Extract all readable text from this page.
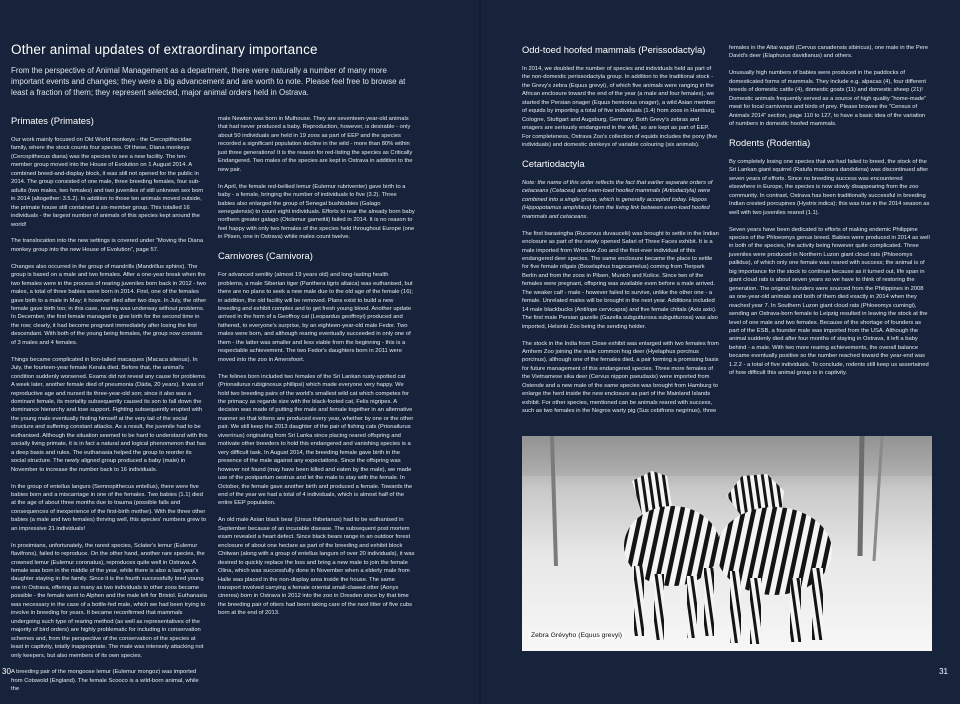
Other animal updates of extraordinary importance

From the perspective of Animal Management as a department, there were naturally a number of many more important events and changes; they were a big advancement and are worth to note. Please feel free to browse at least a fraction of them; they represent selected, major animal orders held in Ostrava.

Primates (Primates)

Our work mainly focused on Old World monkeys - the Cercopithecidae family, where the stock counts four species. Of these, Diana monkeys (Cercopithecus diana) was the species to see a new facility. The ten-member group moved into the House of Evolution on 1 August 2014. A combined breed-and-display block, it was still not opened for the public in 2014. The group consisted of one male, three breeding females, four sub-adults (two males, two females) and two juveniles of still unknown sex born in 2014 (altogether: 3.5.2). In addition to those ten animals moved outside, the primate house still contained a six-member group. This totalled 16 individuals - the largest number of animals of this species kept around the world!

The translocation into the new settings is covered under “Moving the Diana monkey group into the new House of Evolution”, page 57.

Changes also occurred in the group of mandrills (Mandrillus sphinx). The group is based on a male and two females. After a one-year break when the two females were in the process of rearing juveniles born back in 2012 - two males, a total of three babies were born in 2014. First, one of the females gave birth to a male in May; it however died after two days. In July, the other female gave birth too; in this case, rearing was underway without problems. In December, the first female managed to give birth for the second time in the row; clearly, it had become pregnant immediately after losing the first descendant. With both of the young being females, the group now consists of 3 males and 4 females.

Things became complicated in lion-tailed macaques (Macaca silenus). In July, the fourteen-year female Kerala died. Before that, the animal's condition suddenly worsened. Exams did not reveal any cause for problems. A week later, another female died of pneumonia (Dáda, 20 years). It was of reproductive age and nursed its three-year-old son; since it also was a dominant female, its mortality subsequently caused its son to fall down the dominance hierarchy and lose support. Fighting subsequently erupted with the young male eventually finding himself at the very tail of the social structure and suffering constant attacks. As a result, the juvenile had to be euthanised. Although the situation seemed to be hard to understand with this socially living primate, it is in fact a natural and logical phenomenon that has a deep basis and rules. The euthanasia helped the group to reorder its social structure. The newly aligned group produced a baby (male) in November to increase the number back to 16 individuals.

In the group of entellus langurs (Semnopithecus entellus), there were five babies born and a miscarriage in one of the females. Two babies (1.1) died at the age of about three months due to trauma (possible falls and consequences of inexperience of the first-birth mother). With the three other babies (a male and two females) thriving well, this species' numbers grew to an impressive 21 individuals!

In prosimians, unfortunately, the rarest species, Sclater's lemur (Eulemur flavifrons), failed to reproduce. On the other hand, another rare species, the crowned lemur (Eulemur coronatus), reproduces quite well in Ostrava. A female was born in the middle of the year, while there is also a last year's daughter staying in the family. Since it is the fourth successfully bred young one in Ostrava, offering as many as two individuals to other zoos became possible - the female went to Alphen and the male left for Bristol. Euthanasia was necessary in the case of a bottle-fed male, which we had been trying to involve in breeding for years. It became reconfirmed that mammals undergoing such type of rearing method (as well as representatives of the majority of bird orders) are highly problematic for including in conservation schemes and, from the perspective of the conservation of the species at least in captivity, totally inappropriate. The male was intensely attacking not only keepers, but also members of its own species.

A breeding pair of the mongoose lemur (Eulemur mongoz) was imported from Cotswold (England). The female Scooco is a wild-born animal, while the

male Newton was born in Mulhouse. They are seventeen-year-old animals that had never produced a baby. Reproduction, however, is desirable - only about 50 individuals are held in 19 zoos as part of EEP and the species recorded a significant population decline in the wild - more than 80% within just three generations! It is the reason for red-listing the species as Critically Endangered. Two males of the species are kept in Ostrava in addition to the new pair.

In April, the female red-bellied lemur (Eulemur rubriventer) gave birth to a baby - a female, bringing the number of individuals to five (3.2). Three babies also enlarged the group of Senegal bushbabies (Galago senegalensis) to count eight individuals. Efforts to rear the already born baby northern greater galago (Otolemur garnettii) failed in 2014. It is no reason to feel happy with only two females of the species held throughout Europe (one in Pilsen, one in Ostrava) while males count twelve.

Carnivores (Carnivora)

For advanced senility (almost 19 years old) and long-lasting health problems, a male Siberian tiger (Panthera tigris altaica) was euthanised, but there are no plans to seek a new male due to the old age of the female (16); in addition, the old facility will be removed. Plans exist to build a new breeding and exhibit complex and to get fresh young blood. Another update arrived in the form of a Geoffroy cat (Leopardus geoffroyi) produced and fathered, to everyone's surprise, by an eighteen-year-old male Fedor. Two males were born, and although rearing eventually succeeded in only one of them - the latter was smaller and less viable from the beginning - this is a respectable achievement. The two Fedor's daughters born in 2011 were moved into the zoo in Amersfoort.

The felines born included two females of the Sri Lankan rusty-spotted cat (Prionailurus rubiginosus phillipsi) which made everyone very happy. We hold two breeding pairs of the world's smallest wild cat which competes for the primacy as regards size with the black-footed cat, Felis nigripes. A decision was made of putting the male and female together in an alternative manner so that kittens are produced every year, whether by one or the other pair. We still keep the 2013 daughter of the pair of fishing cats (Prionailurus viverrinus) originating from Sri Lanka since placing reared offspring and motivate other breeders to hold this endangered and vanishing species is a very difficult task. In August 2014, the breeding female gave birth in the presence of the male against any expectations. Since the offspring was however not found (may have been killed and eaten by the male), we made use of the postpartum oestrus and let the male to stay with the female. In October, the female gave another birth and produced a female. Towards the end of the year we had a total of 4 individuals, which is almost half of the entire EEP population.

An old male Asian black bear (Ursus thibetanus) had to be euthanised in September because of an incurable disease. The subsequent post mortem exam revealed a heart defect. Since black bears range in an outdoor forest enclosure of about one hectare as part of the breeding and exhibit block Chitwan (along with a group of entellus langurs of over 20 individuals), it was desired to quickly replace the loss and bring a new male to join the female Olina, which was successfully done in November when a elderly male from Halle was placed in the non-display area inside the house. The same transport involved carrying a female oriental small-clawed otter (Aonyx cinerea) born in Ostrava in 2012 into the zoo in Dresden since by that time the breeding pair of otters had been taking care of the next litter of five cubs born at the end of 2013.

Odd-toed hoofed mammals (Perissodactyla)

In 2014, we doubled the number of species and individuals held as part of the non-domestic perissodactyla group. In addition to the traditional stock - the Grevy's zebra (Equus grevyi), of which five animals were ranging in the African enclosure toward the end of the year (a male and four females), we started the Persian onager (Equus hemionus onager), a wild Asian member of equids by importing a total of five individuals (1.4) from zoos in Hamburg, Cologne, Stuttgart and Augsburg, Germany. Both Grevy's zebras and onagers are seriously endangered in the wild, so are kept as part of EEP. For completeness, Ostrava Zoo's collection of equids includes the pony (five individuals) and domestic donkeys of variable colouring (six animals).

Cetartiodactyla

Note: the name of this order reflects the fact that earlier separate orders of cetaceans (Cetacea) and even-toed hoofed mammals (Artiodactyla) were combined into a single group, which is generally accepted today. Hippos (Hippopotamus amphibius) form the living link between even-toed hoofed mammals and cetaceans.

The first barasingha (Rucervus duvaucelii) was brought to settle in the Indian enclosure as part of the newly opened Safari of Three Faces exhibit. It is a male imported from Wroclaw Zoo and the first-ever individual of this endangered deer species. The same enclosure became the place to settle for five female nilgais (Boselaphus tragocamelus) coming from Tierpark Berlin and from the zoos in Pilsen, Munich and Kolice. Since two of the females were pregnant, offspring was available even before a male arrived. The weaker calf - male - however failed to survive, unlike the other one - a female. Unrelated males will be brought in the next year. Additions included 14 male blackbucks (Antilope cervicapra) and five female chitals (Axis axis). The first male Persian gazelle (Gazella subgutturosa subgutturosa) was also imported, Helsinki Zoo being the sending holder.

The stock in the India from Close exhibit was enlarged with two females from Arnhem Zoo joining the male common hog deer (Hyelaphus porcinus porcinus), although one of the females died, a pair forming a promising basis for future management of this endangered species. Three more females of the Vietnamese sika deer (Cervus nippon pseudaxis) were imported from Ostende and a new male of the same species was brought from Hamburg to enlarge the herd inside the new enclosure as part of the Mainland Islands exhibit. For other species, mentioned can be animals reared with success, such as two females in the Negros warty pig (Sus cebifrons negrinus), three

females in the Altai wapiti (Cervus canadensis sibiricus), one male in the Pere David's deer (Elaphurus davidianus) and others.

Unusually high numbers of babies were produced in the paddocks of domesticated forms of mammals. They include e.g. alpacas (4), four different breeds of domestic cattle (4), domestic goats (11) and domestic sheep (21)! Domestic animals frequently served as a source of high quality “home-made” meat for local carnivores and birds of prey. Please browse the “Census of Animals 2014” section, page 110 to 127, to have a basic idea of the variation of numbers in domestic hoofed mammals.

Rodents (Rodentia)

By completely losing one species that we had failed to breed, the stock of the Sri Lankan giant squirrel (Ratufa macroura dandolena) was discontinued after seven years of efforts. Since no breeding success was encountered elsewhere in Europe, the species is now slowly disappearing from the zoo community. In contrast, Ostrava has been traditionally successful in breeding Indian crested porcupines (Hystrix indica); this was true in the 2014 season as well with two juveniles reared (1.1).

Seven years have been dedicated to efforts of making endemic Philippine species of the Phloeomys genus breed. Babies were produced in 2014 as well in both of the species, the activity being however quite complicated. Three juveniles were produced in Northern Luzon giant cloud rats (Phloeomys pallidus), of which only one female was reared with success; the animal is of big importance for the stock to continue because as it turned out, life span in giant cloud rats is about seven years so we have to think of restoring the generation. The original founders were sourced from the Philippines in 2008 as one-year-old animals and both of them died exactly in 2014 when they reached year 7. In Southern Luzon giant cloud rats (Phloeomys cumingi), sending an Ostrava-born female to Leipzig resulted in leaving the stock at the level of one male and two females. Because of the shortage of founders as part of the ESB, a founder male was imported from the USA. Although the animal suddenly died after four months of staying in Ostrava, it left a baby behind - a male. With two more rearing achievements, the overall balance became eventually positive so the number reached toward the year-end was 1.2.2 - a total of five individuals. To conclude, rodents still keep us assertained of how difficult this animal group is in captivity.

Zebra Grévyho (Equus grevyi)
30	31
